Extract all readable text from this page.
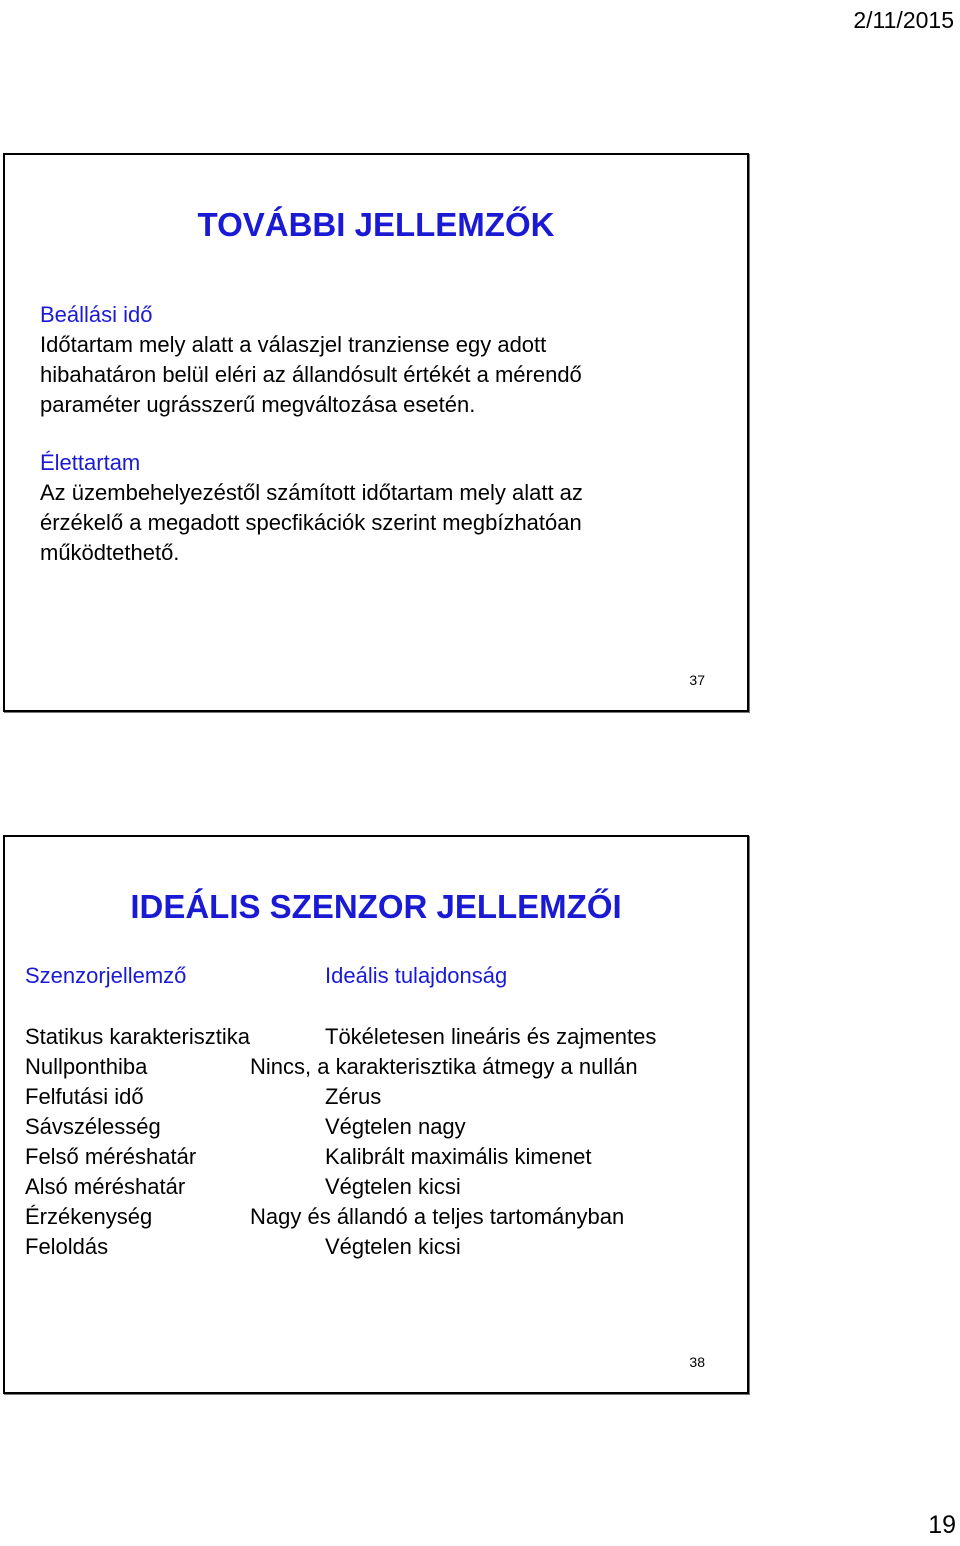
2/11/2015
TOVÁBBI JELLEMZŐK
Beállási idő
Időtartam mely alatt a válaszjel tranziense egy adott
hibahatáron belül eléri az állandósult értékét a mérendő
paraméter ugrásszerű megváltozása esetén.
Élettartam
Az üzembehelyezéstől számított időtartam mely alatt az
érzékelő a megadott specfikációk szerint megbízhatóan
működtethető.
37
IDEÁLIS SZENZOR JELLEMZŐI
Szenzorjellemző	Ideális tulajdonság
Statikus karakterisztika	Tökéletesen lineáris és zajmentes
Nullponthiba	Nincs, a karakterisztika átmegy a nullán
Felfutási idő	Zérus
Sávszélesség	Végtelen nagy
Felső méréshatár	Kalibrált maximális kimenet
Alsó méréshatár	Végtelen kicsi
Érzékenység	Nagy és állandó a teljes tartományban
Feloldás	Végtelen kicsi
38
19
